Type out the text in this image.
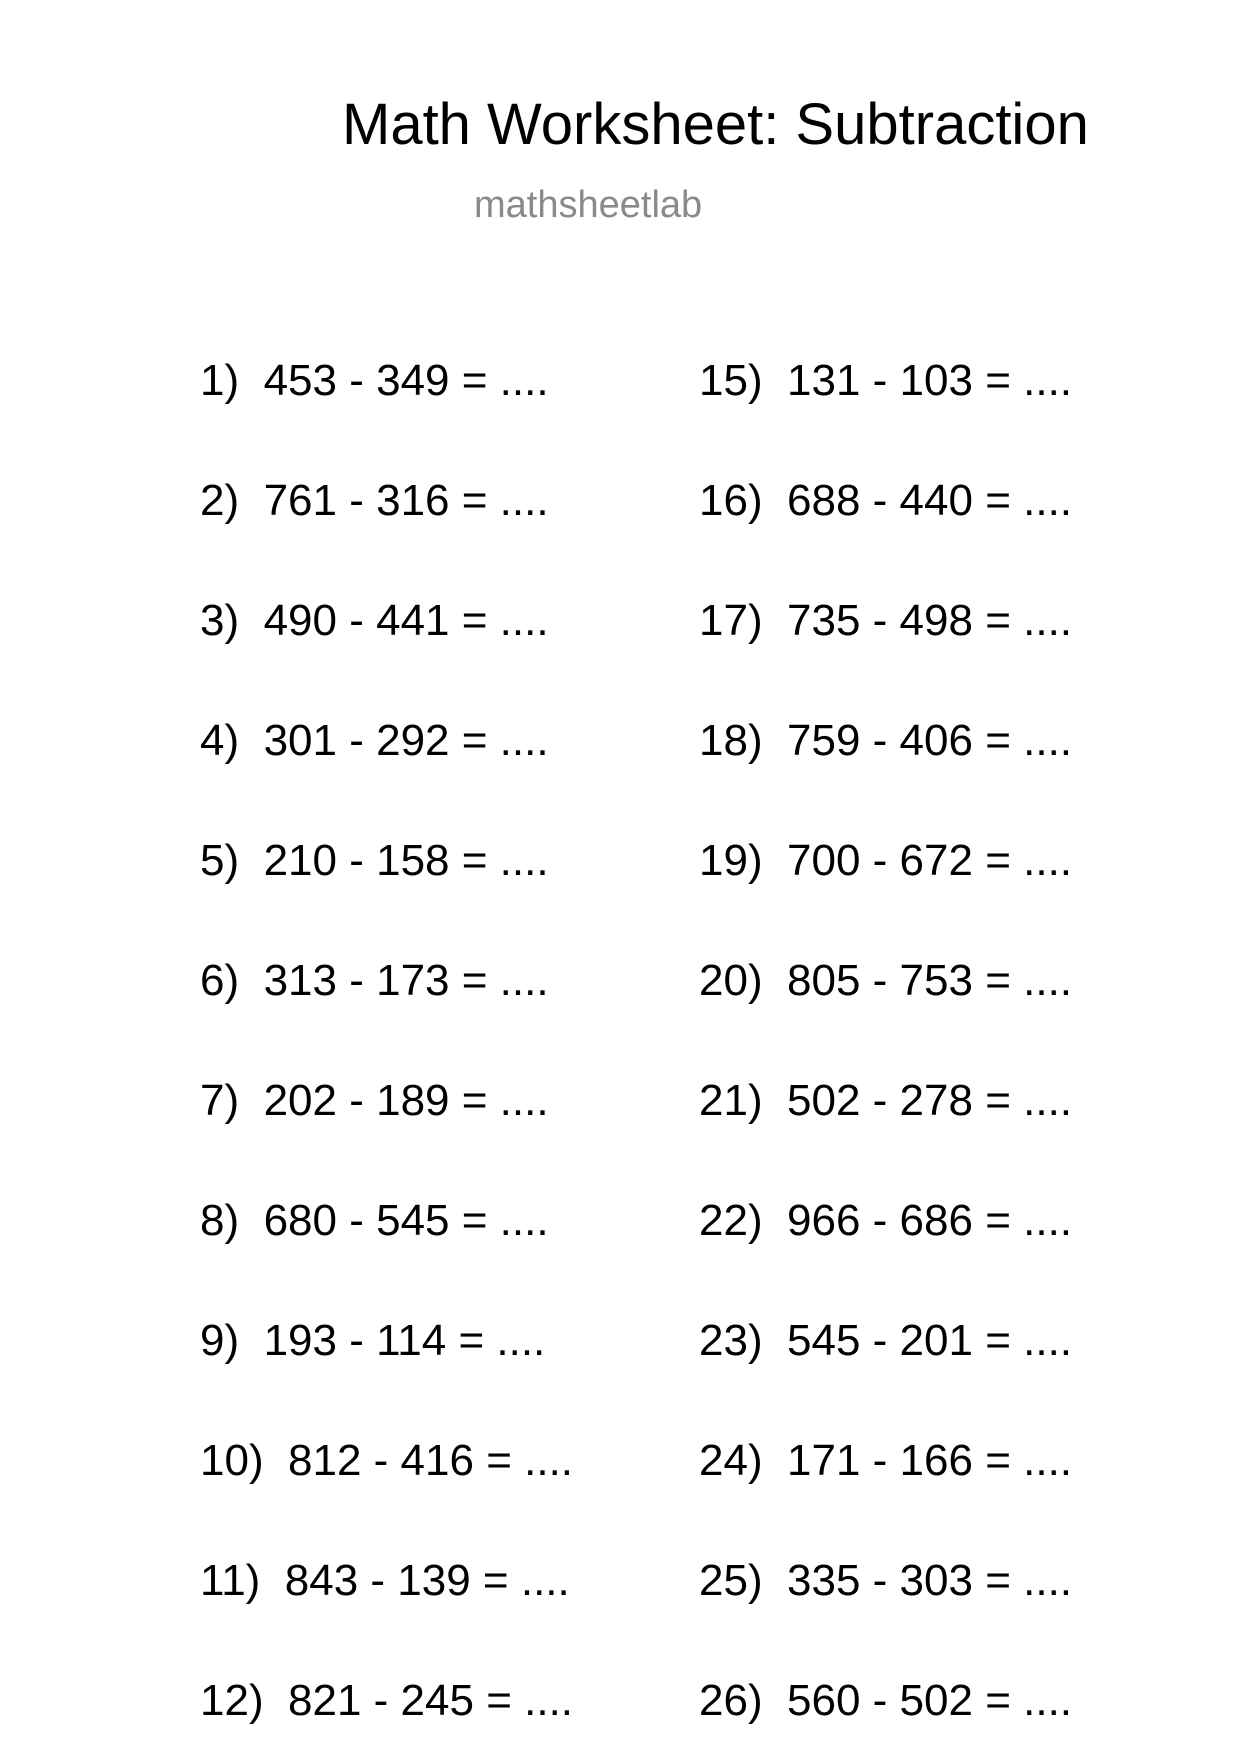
Math Worksheet: Subtraction
mathsheetlab
1) 453 - 349 = ....
2) 761 - 316 = ....
3) 490 - 441 = ....
4) 301 - 292 = ....
5) 210 - 158 = ....
6) 313 - 173 = ....
7) 202 - 189 = ....
8) 680 - 545 = ....
9) 193 - 114 = ....
10) 812 - 416 = ....
11) 843 - 139 = ....
12) 821 - 245 = ....
15) 131 - 103 = ....
16) 688 - 440 = ....
17) 735 - 498 = ....
18) 759 - 406 = ....
19) 700 - 672 = ....
20) 805 - 753 = ....
21) 502 - 278 = ....
22) 966 - 686 = ....
23) 545 - 201 = ....
24) 171 - 166 = ....
25) 335 - 303 = ....
26) 560 - 502 = ....
